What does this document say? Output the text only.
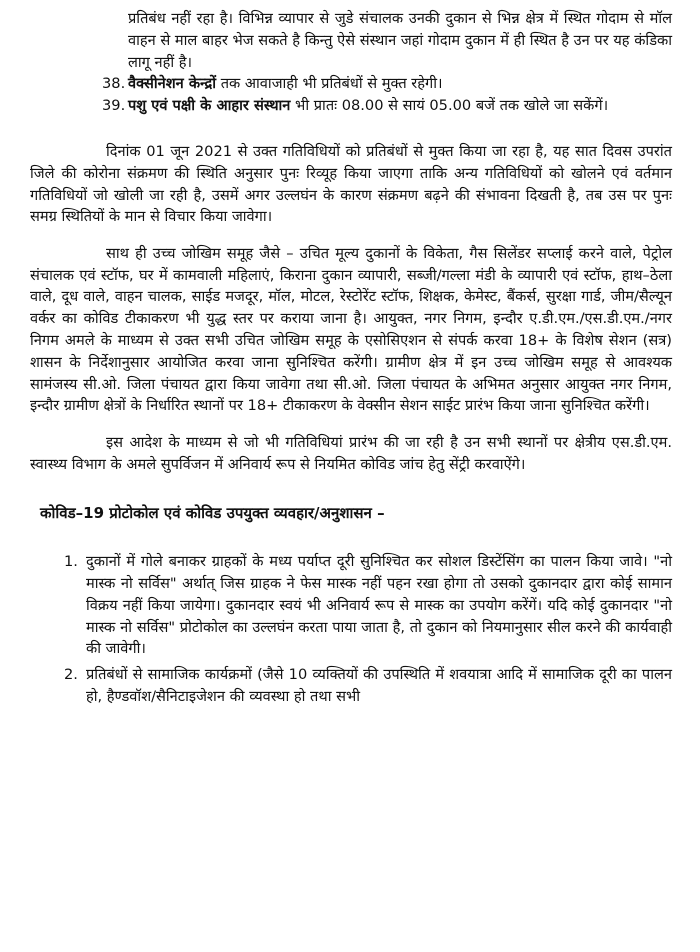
प्रतिबंध नहीं रहा है। विभिन्न व्यापार से जुडे संचालक उनकी दुकान से भिन्न क्षेत्र में स्थित गोदाम से मॉल वाहन से माल बाहर भेज सकते है किन्तु ऐसे संस्थान जहां गोदाम दुकान में ही स्थित है उन पर यह कंडिका लागू नहीं है।
38. वैक्सीनेशन केन्द्रों तक आवाजाही भी प्रतिबंधों से मुक्त रहेगी।
39. पशु एवं पक्षी के आहार संस्थान भी प्रातः 08.00 से सायं 05.00 बजें तक खोले जा सकेंगें।

दिनांक 01 जून 2021 से उक्त गतिविधियों को प्रतिबंधों से मुक्त किया जा रहा है, यह सात दिवस उपरांत जिले की कोरोना संक्रमण की स्थिति अनुसार पुनः रिव्यूह किया जाएगा ताकि अन्य गतिविधियों को खोलने एवं वर्तमान गतिविधियों जो खोली जा रही है, उसमें अगर उल्लघंन के कारण संक्रमण बढ़ने की संभावना दिखती है, तब उस पर पुनः समग्र स्थितियों के मान से विचार किया जावेगा।

साथ ही उच्च जोखिम समूह जैसे – उचित मूल्य दुकानों के विकेता, गैस सिलेंडर सप्लाई करने वाले, पेट्रोल संचालक एवं स्टॉफ, घर में कामवाली महिलाएं, किराना दुकान व्यापारी, सब्जी/गल्ला मंडी के व्यापारी एवं स्टॉफ, हाथ–ठेला वाले, दूध वाले, वाहन चालक, साईड मजदूर, मॉल, मोटल, रेस्टोरेंट स्टॉफ, शिक्षक, केमेस्ट, बैंकर्स, सुरक्षा गार्ड, जीम/सैल्यून वर्कर का कोविड टीकाकरण भी युद्ध स्तर पर कराया जाना है। आयुक्त, नगर निगम, इन्दौर ए.डी.एम./एस.डी.एम./नगर निगम अमले के माध्यम से उक्त सभी उचित जोखिम समूह के एसोसिएशन से संपर्क करवा 18+ के विशेष सेशन (सत्र) शासन के निर्देशानुसार आयोजित करवा जाना सुनिश्चित करेंगी। ग्रामीण क्षेत्र में इन उच्च जोखिम समूह से आवश्यक सामंजस्य सी.ओ. जिला पंचायत द्वारा किया जावेगा तथा सी.ओ. जिला पंचायत के अभिमत अनुसार आयुक्त नगर निगम, इन्दौर ग्रामीण क्षेत्रों के निर्धारित स्थानों पर 18+ टीकाकरण के वेक्सीन सेशन साईट प्रारंभ किया जाना सुनिश्चित करेंगी।

इस आदेश के माध्यम से जो भी गतिविधियां प्रारंभ की जा रही है उन सभी स्थानों पर क्षेत्रीय एस.डी.एम. स्वास्थ्य विभाग के अमले सुपर्विजन में अनिवार्य रूप से नियमित कोविड जांच हेतु सेंट्री करवाऐंगे।

कोविड–19 प्रोटोकोल एवं कोविड उपयुक्त व्यवहार/अनुशासन –
1. दुकानों में गोले बनाकर ग्राहकों के मध्य पर्याप्त दूरी सुनिश्चित कर सोशल डिस्टेंसिंग का पालन किया जावे। "नो मास्क नो सर्विस" अर्थात् जिस ग्राहक ने फेस मास्क नहीं पहन रखा होगा तो उसको दुकानदार द्वारा कोई सामान विक्रय नहीं किया जायेगा। दुकानदार स्वयं भी अनिवार्य रूप से मास्क का उपयोग करेंगें। यदि कोई दुकानदार "नो मास्क नो सर्विस" प्रोटोकोल का उल्लघंन करता पाया जाता है, तो दुकान को नियमानुसार सील करने की कार्यवाही की जावेगी।
2. प्रतिबंधों से सामाजिक कार्यक्रमों (जैसे 10 व्यक्तियों की उपस्थिति में शवयात्रा आदि में सामाजिक दूरी का पालन हो, हैण्डवॉश/सैनिटाइजेशन की व्यवस्था हो तथा सभी
